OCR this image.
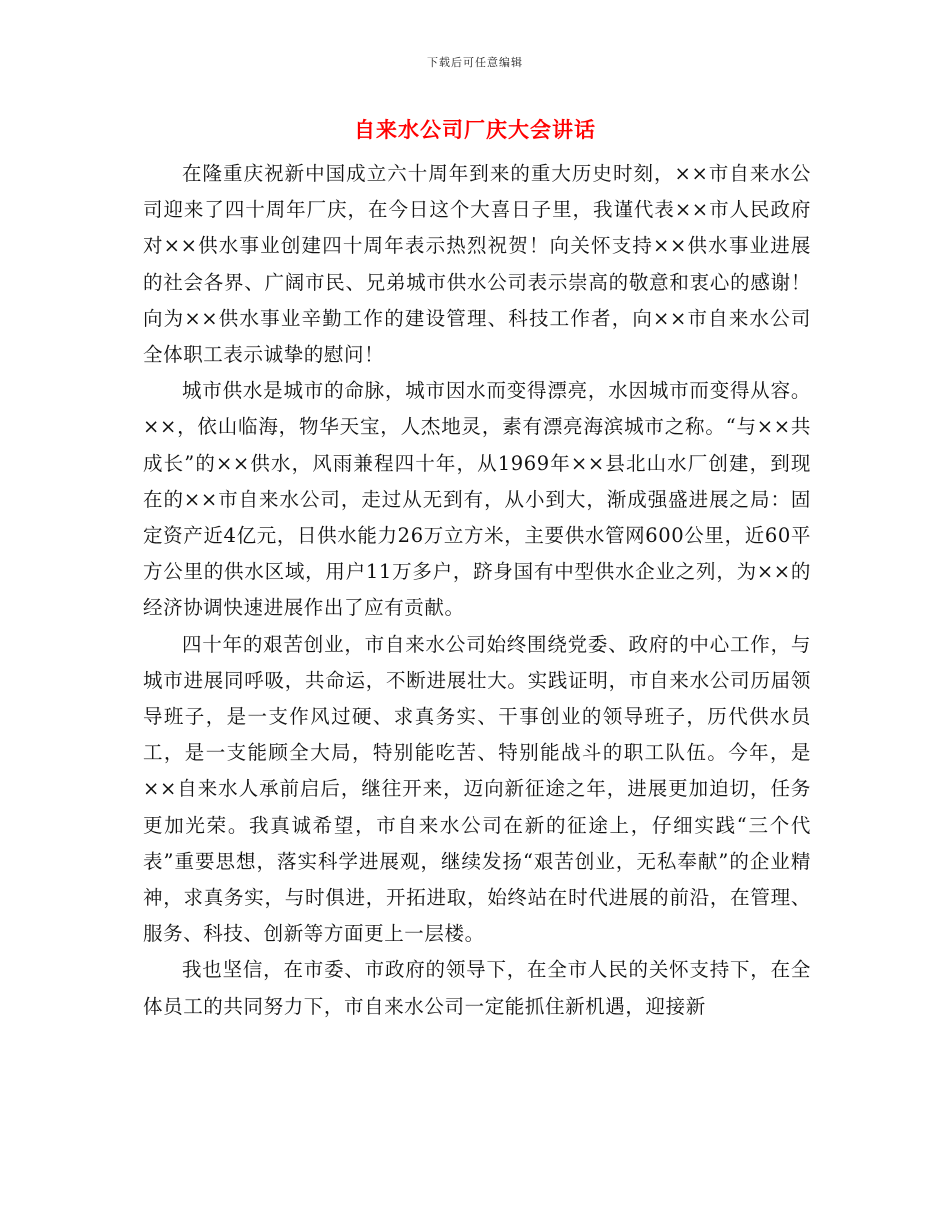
下载后可任意编辑
自来水公司厂庆大会讲话

在隆重庆祝新中国成立六十周年到来的重大历史时刻，××市自来水公司迎来了四十周年厂庆，在今日这个大喜日子里，我谨代表××市人民政府对××供水事业创建四十周年表示热烈祝贺！向关怀支持××供水事业进展的社会各界、广阔市民、兄弟城市供水公司表示崇高的敬意和衷心的感谢！向为××供水事业辛勤工作的建设管理、科技工作者，向××市自来水公司全体职工表示诚挚的慰问！

城市供水是城市的命脉，城市因水而变得漂亮，水因城市而变得从容。××，依山临海，物华天宝，人杰地灵，素有漂亮海滨城市之称。“与××共成长”的××供水，风雨兼程四十年，从1969年××县北山水厂创建，到现在的××市自来水公司，走过从无到有，从小到大，渐成强盛进展之局：固定资产近4亿元，日供水能力26万立方米，主要供水管网600公里，近60平方公里的供水区域，用户11万多户，跻身国有中型供水企业之列，为××的经济协调快速进展作出了应有贡献。

四十年的艰苦创业，市自来水公司始终围绕党委、政府的中心工作，与城市进展同呼吸，共命运，不断进展壮大。实践证明，市自来水公司历届领导班子，是一支作风过硬、求真务实、干事创业的领导班子，历代供水员工，是一支能顾全大局，特别能吃苦、特别能战斗的职工队伍。今年，是××自来水人承前启后，继往开来，迈向新征途之年，进展更加迫切，任务更加光荣。我真诚希望，市自来水公司在新的征途上，仔细实践“三个代表”重要思想，落实科学进展观，继续发扬“艰苦创业，无私奉献”的企业精神，求真务实，与时俱进，开拓进取，始终站在时代进展的前沿，在管理、服务、科技、创新等方面更上一层楼。

我也坚信，在市委、市政府的领导下，在全市人民的关怀支持下，在全体员工的共同努力下，市自来水公司一定能抓住新机遇，迎接新
